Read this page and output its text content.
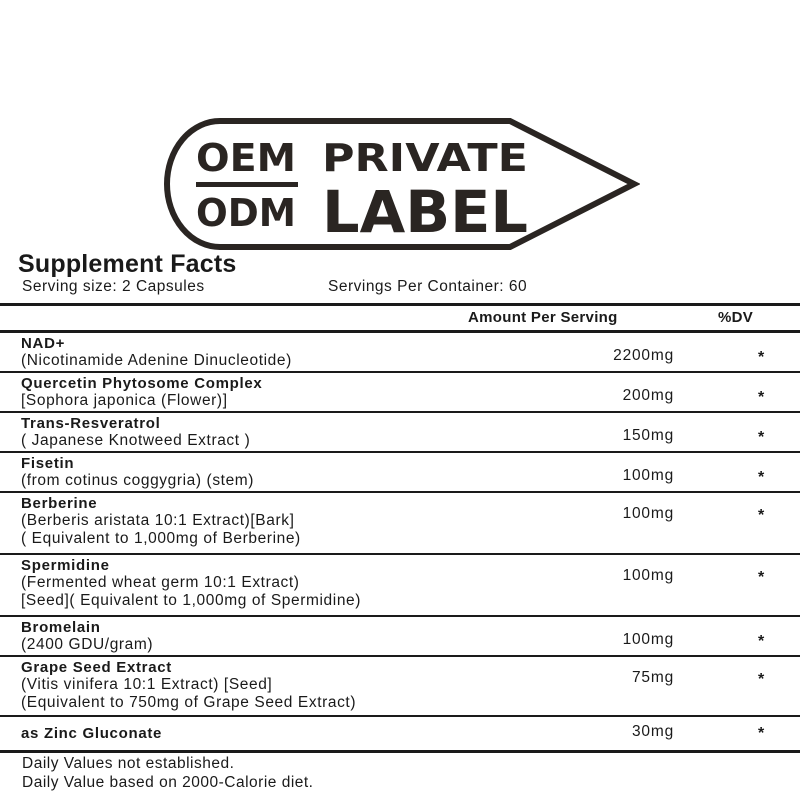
OEM PRIVATE
ODM LABEL
Supplement Facts
Serving size: 2 Capsules	Servings Per Container: 60
Amount Per Serving	%DV
NAD+
(Nicotinamide Adenine Dinucleotide)	2200mg	*
Quercetin Phytosome Complex
[Sophora japonica (Flower)]	200mg	*
Trans-Resveratrol
( Japanese Knotweed Extract )	150mg	*
Fisetin
(from cotinus coggygria) (stem)	100mg	*
Berberine
(Berberis aristata 10:1 Extract)[Bark]
( Equivalent to 1,000mg of Berberine)
100mg	*
Spermidine
(Fermented wheat germ 10:1 Extract)
[Seed]( Equivalent to 1,000mg of Spermidine)
100mg	*
Bromelain
(2400 GDU/gram)	100mg	*
Grape Seed Extract
(Vitis vinifera 10:1 Extract) [Seed]
(Equivalent to 750mg of Grape Seed Extract)
75mg	*
as Zinc Gluconate	30mg	*
Daily Values not established.
Daily Value based on 2000-Calorie diet.
